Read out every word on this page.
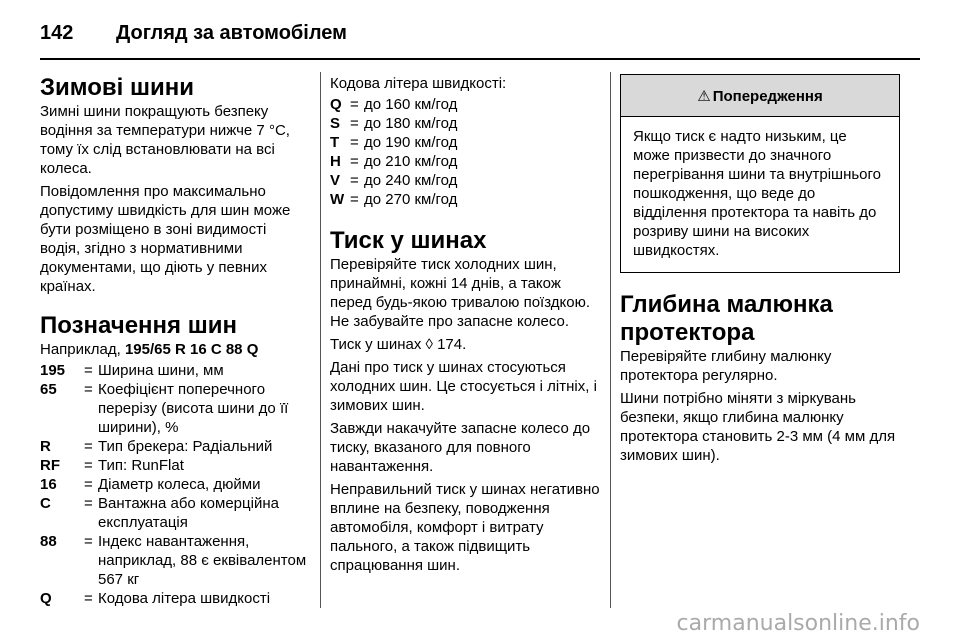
142	Догляд за автомобілем
Зимові шини

Зимні шини покращують безпеку водіння за температури нижче 7 °C, тому їх слід встановлювати на всі колеса.

Повідомлення про максимально допустиму швидкість для шин може бути розміщено в зоні видимості водія, згідно з нормативними документами, що діють у певних країнах.

Позначення шин

Наприклад, 195/65 R 16 C 88 Q

195	= Ширина шини, мм
65	= Коефіцієнт поперечного перерізу (висота шини до її ширини), %
R	= Тип брекера: Радіальний
RF	= Тип: RunFlat
16	= Діаметр колеса, дюйми
C	= Вантажна або комерційна експлуатація
88	= Індекс навантаження, наприклад, 88 є еквівалентом 567 кг
Q	= Кодова літера швидкості

Кодова літера швидкості:

Q = до 160 км/год
S = до 180 км/год
T = до 190 км/год
H = до 210 км/год
V = до 240 км/год
W = до 270 км/год
Тиск у шинах

Перевіряйте тиск холодних шин, принаймні, кожні 14 днів, а також перед будь-якою тривалою поїздкою. Не забувайте про запасне колесо.

Тиск у шинах ◊ 174.

Дані про тиск у шинах стосуються холодних шин. Це стосується і літніх, і зимових шин.

Завжди накачуйте запасне колесо до тиску, вказаного для повного навантаження.

Неправильний тиск у шинах негативно вплине на безпеку, поводження автомобіля, комфорт і витрату пального, а також підвищить спрацювання шин.

⚠ Попередження
Якщо тиск є надто низьким, це може призвести до значного перегрівання шини та внутрішнього пошкодження, що веде до відділення протектора та навіть до розриву шини на високих швидкостях.
Глибина малюнка протектора

Перевіряйте глибину малюнку протектора регулярно.

Шини потрібно міняти з міркувань безпеки, якщо глибина малюнку протектора становить 2-3 мм (4 мм для зимових шин).

carmanualsonline.info
